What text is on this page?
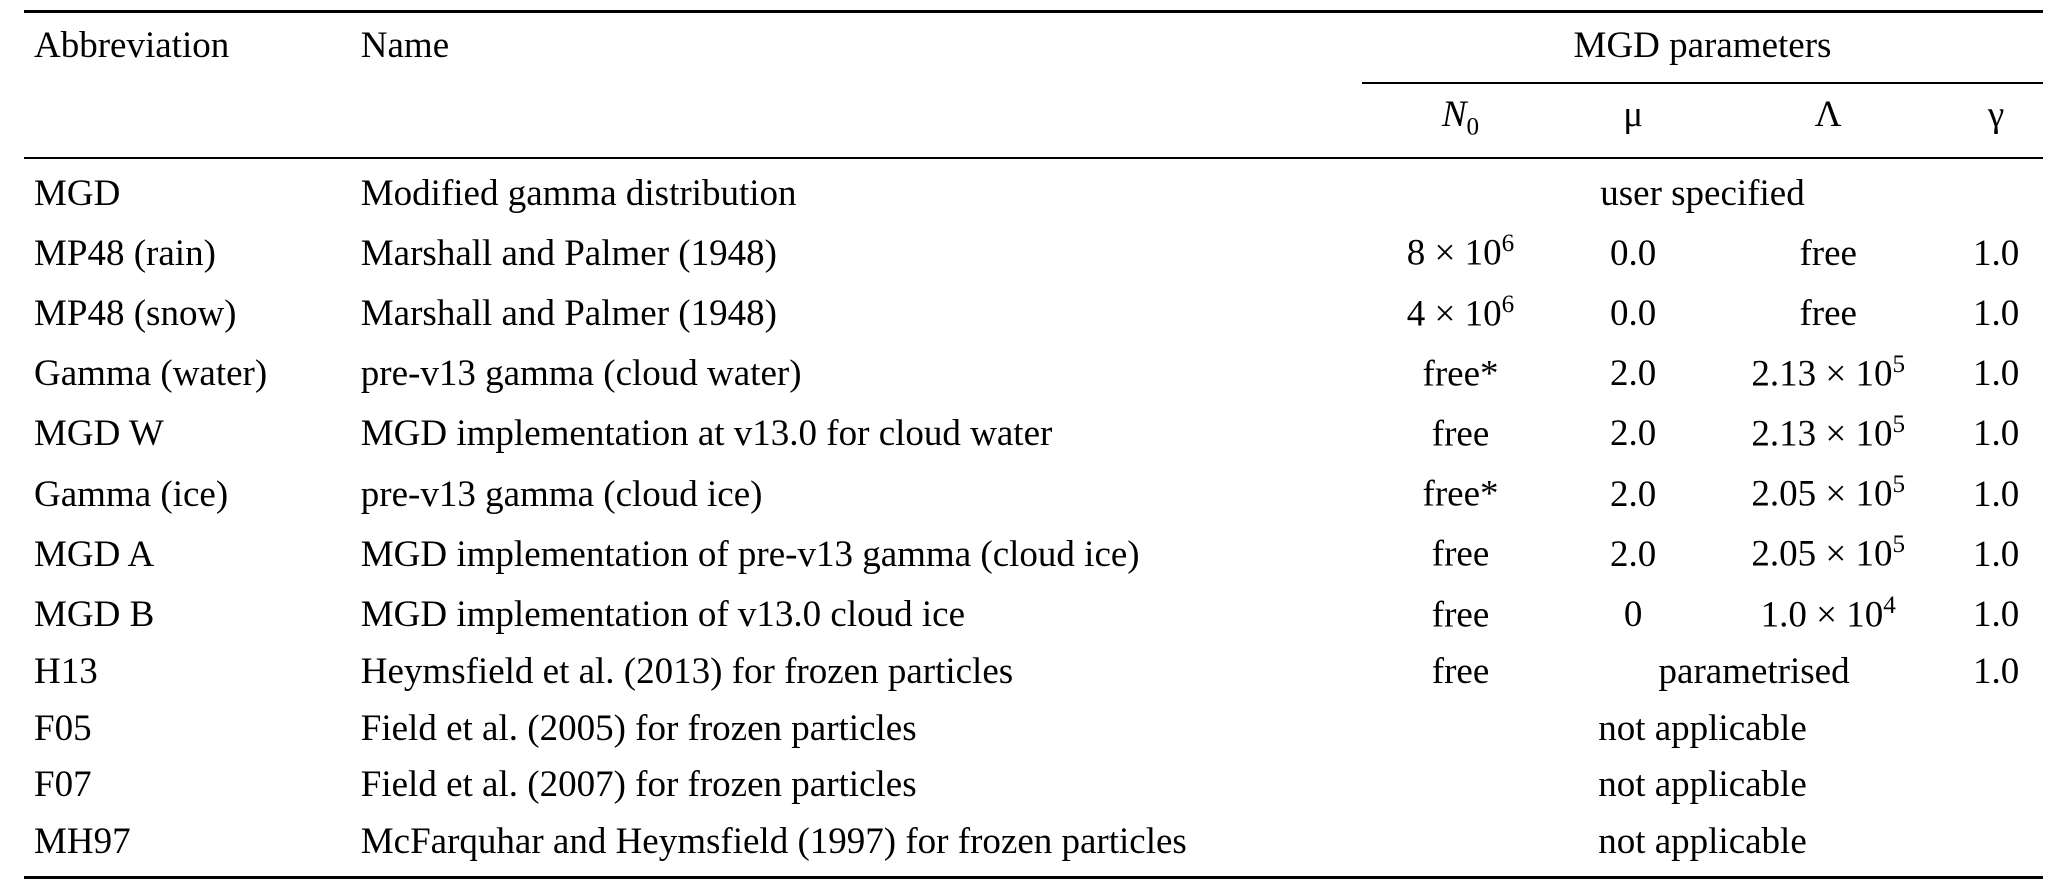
Abbreviation	Name	MGD parameters			
		$N_0$	μ	Λ	γ
MGD	Modified gamma distribution	user specified			
MP48 (rain)	Marshall and Palmer (1948)	$8 \times 10^6$	0.0	free	1.0
MP48 (snow)	Marshall and Palmer (1948)	$4 \times 10^6$	0.0	free	1.0
Gamma (water)	pre-v13 gamma (cloud water)	free*	2.0	$2.13 \times 10^5$	1.0
MGD W	MGD implementation at v13.0 for cloud water	free	2.0	$2.13 \times 10^5$	1.0
Gamma (ice)	pre-v13 gamma (cloud ice)	free*	2.0	$2.05 \times 10^5$	1.0
MGD A	MGD implementation of pre-v13 gamma (cloud ice)	free	2.0	$2.05 \times 10^5$	1.0
MGD B	MGD implementation of v13.0 cloud ice	free	0	$1.0 \times 10^4$	1.0
H13	Heymsfield et al. (2013) for frozen particles	free	parametrised		1.0
F05	Field et al. (2005) for frozen particles	not applicable			
F07	Field et al. (2007) for frozen particles	not applicable			
MH97	McFarquhar and Heymsfield (1997) for frozen particles	not applicable			
